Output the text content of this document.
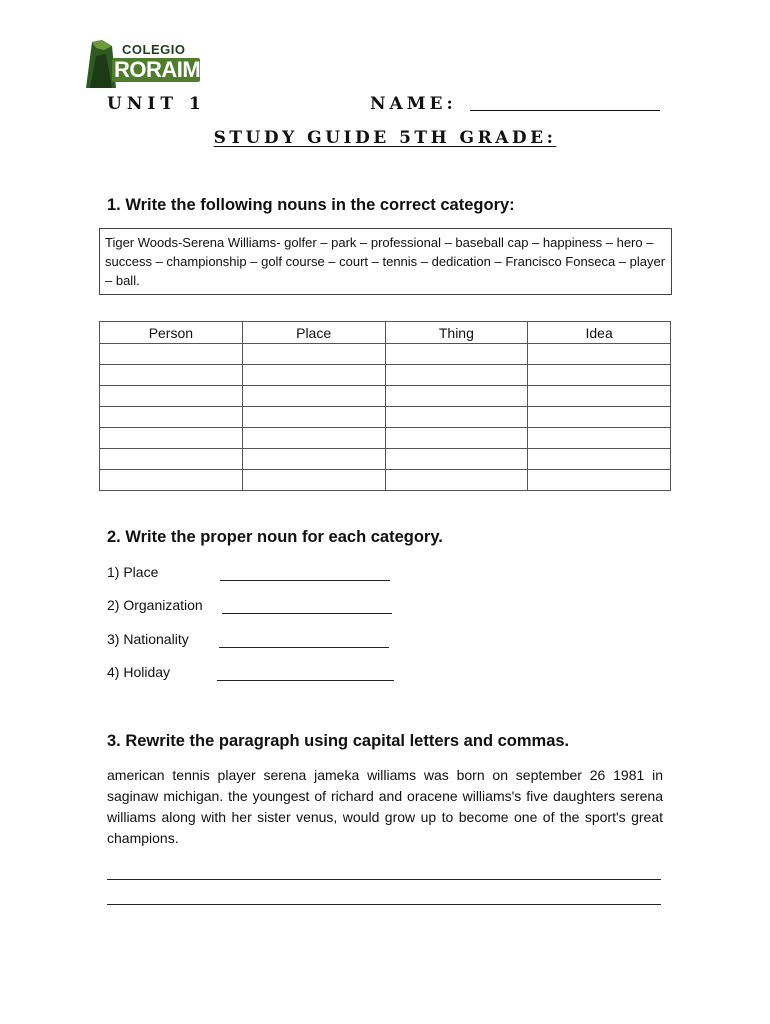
COLEGIO
RORAIMA
UNIT 1	NAME:
STUDY GUIDE 5TH GRADE:
1. Write the following nouns in the correct category:
Tiger Woods-Serena Williams- golfer – park – professional – baseball cap – happiness – hero – success – championship – golf course – court – tennis – dedication – Francisco Fonseca – player – ball.
Person	Place	Thing	Idea

2. Write the proper noun for each category.
1) Place
2) Organization
3) Nationality
4) Holiday
3. Rewrite the paragraph using capital letters and commas.
american tennis player serena jameka williams was born on september 26 1981 in saginaw michigan. the youngest of richard and oracene williams's five daughters serena williams along with her sister venus, would grow up to become one of the sport's great champions.
